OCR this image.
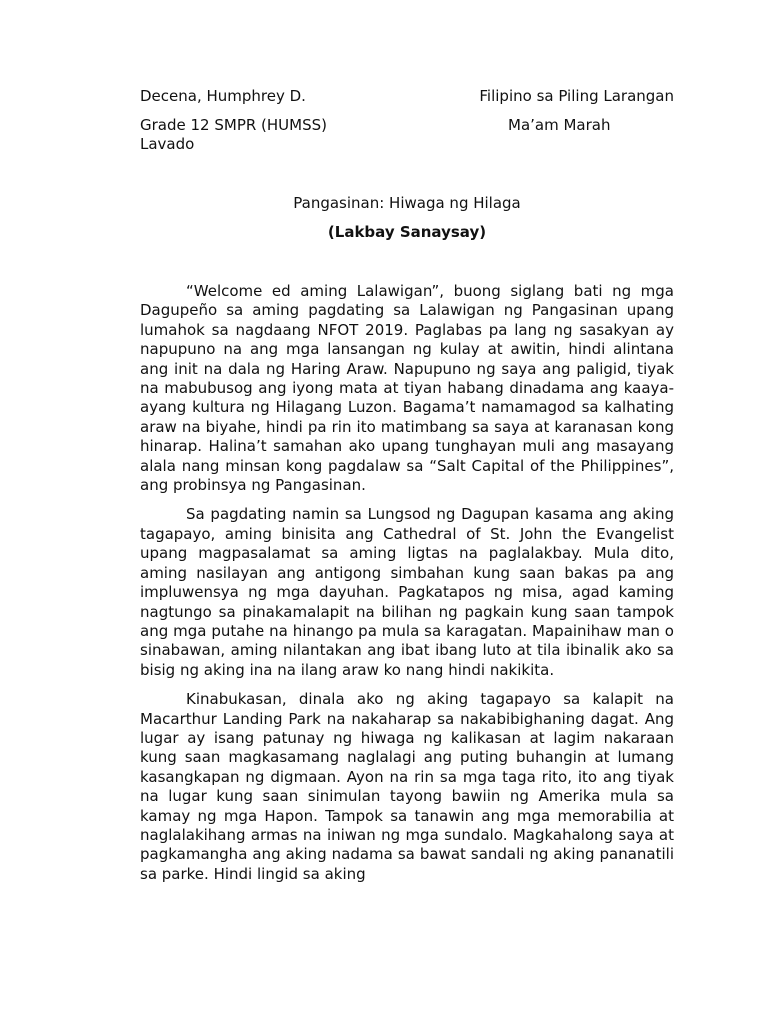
Decena, Humphrey D.	Filipino sa Piling Larangan
Grade 12 SMPR (HUMSS)	Ma’am Marah
Lavado
Pangasinan: Hiwaga ng Hilaga
(Lakbay Sanaysay)

“Welcome ed aming Lalawigan”, buong siglang bati ng mga Dagupeño sa aming pagdating sa Lalawigan ng Pangasinan upang lumahok sa nagdaang NFOT 2019. Paglabas pa lang ng sasakyan ay napupuno na ang mga lansangan ng kulay at awitin, hindi alintana ang init na dala ng Haring Araw. Napupuno ng saya ang paligid, tiyak na mabubusog ang iyong mata at tiyan habang dinadama ang kaaya-ayang kultura ng Hilagang Luzon. Bagama’t namamagod sa kalhating araw na biyahe, hindi pa rin ito matimbang sa saya at karanasan kong hinarap. Halina’t samahan ako upang tunghayan muli ang masayang alala nang minsan kong pagdalaw sa “Salt Capital of the Philippines”, ang probinsya ng Pangasinan.

Sa pagdating namin sa Lungsod ng Dagupan kasama ang aking tagapayo, aming binisita ang Cathedral of St. John the Evangelist upang magpasalamat sa aming ligtas na paglalakbay. Mula dito, aming nasilayan ang antigong simbahan kung saan bakas pa ang impluwensya ng mga dayuhan. Pagkatapos ng misa, agad kaming nagtungo sa pinakamalapit na bilihan ng pagkain kung saan tampok ang mga putahe na hinango pa mula sa karagatan. Mapainihaw man o sinabawan, aming nilantakan ang ibat ibang luto at tila ibinalik ako sa bisig ng aking ina na ilang araw ko nang hindi nakikita.

Kinabukasan, dinala ako ng aking tagapayo sa kalapit na Macarthur Landing Park na nakaharap sa nakabibighaning dagat. Ang lugar ay isang patunay ng hiwaga ng kalikasan at lagim nakaraan kung saan magkasamang naglalagi ang puting buhangin at lumang kasangkapan ng digmaan. Ayon na rin sa mga taga rito, ito ang tiyak na lugar kung saan sinimulan tayong bawiin ng Amerika mula sa kamay ng mga Hapon. Tampok sa tanawin ang mga memorabilia at naglalakihang armas na iniwan ng mga sundalo. Magkahalong saya at pagkamangha ang aking nadama sa bawat sandali ng aking pananatili sa parke. Hindi lingid sa aking
